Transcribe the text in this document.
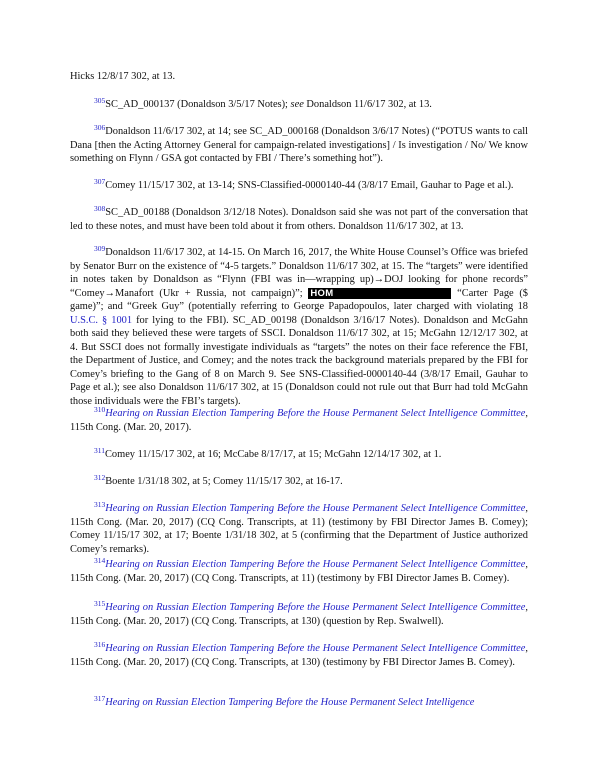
Hicks 12/8/17 302, at 13.
$^{305}$SC_AD_000137 (Donaldson 3/5/17 Notes); see Donaldson 11/6/17 302, at 13.
$^{306}$Donaldson 11/6/17 302, at 14; see SC_AD_000168 (Donaldson 3/6/17 Notes) (“POTUS wants to call Dana [then the Acting Attorney General for campaign-related investigations] / Is investigation / No/ We know something on Flynn / GSA got contacted by FBI / There’s something hot”).
$^{307}$Comey 11/15/17 302, at 13-14; SNS-Classified-0000140-44 (3/8/17 Email, Gauhar to Page et al.).
$^{308}$SC_AD_00188 (Donaldson 3/12/18 Notes). Donaldson said she was not part of the conversation that led to these notes, and must have been told about it from others. Donaldson 11/6/17 302, at 13.
$^{309}$Donaldson 11/6/17 302, at 14-15. On March 16, 2017, the White House Counsel’s Office was briefed by Senator Burr on the existence of “4-5 targets.” Donaldson 11/6/17 302, at 15. The “targets” were identified in notes taken by Donaldson as “Flynn (FBI was in—wrapping up)→DOJ looking for phone records” “Comey→Manafort (Ukr + Russia, not campaign)”; HOM	“Carter Page ($ game)”; and “Greek Guy” (potentially referring to George Papadopoulos, later charged with violating 18 U.S.C. § 1001 for lying to the FBI). SC_AD_00198 (Donaldson 3/16/17 Notes). Donaldson and McGahn both said they believed these were targets of SSCI. Donaldson 11/6/17 302, at 15; McGahn 12/12/17 302, at 4. But SSCI does not formally investigate individuals as “targets” the notes on their face reference the FBI, the Department of Justice, and Comey; and the notes track the background materials prepared by the FBI for Comey’s briefing to the Gang of 8 on March 9. See SNS-Classified-0000140-44 (3/8/17 Email, Gauhar to Page et al.); see also Donaldson 11/6/17 302, at 15 (Donaldson could not rule out that Burr had told McGahn those individuals were the FBI’s targets).
$^{310}$Hearing on Russian Election Tampering Before the House Permanent Select Intelligence Committee, 115th Cong. (Mar. 20, 2017).
$^{311}$Comey 11/15/17 302, at 16; McCabe 8/17/17, at 15; McGahn 12/14/17 302, at 1.
$^{312}$Boente 1/31/18 302, at 5; Comey 11/15/17 302, at 16-17.
$^{313}$Hearing on Russian Election Tampering Before the House Permanent Select Intelligence Committee, 115th Cong. (Mar. 20, 2017) (CQ Cong. Transcripts, at 11) (testimony by FBI Director James B. Comey); Comey 11/15/17 302, at 17; Boente 1/31/18 302, at 5 (confirming that the Department of Justice authorized Comey’s remarks).
$^{314}$Hearing on Russian Election Tampering Before the House Permanent Select Intelligence Committee, 115th Cong. (Mar. 20, 2017) (CQ Cong. Transcripts, at 11) (testimony by FBI Director James B. Comey).
$^{315}$Hearing on Russian Election Tampering Before the House Permanent Select Intelligence Committee, 115th Cong. (Mar. 20, 2017) (CQ Cong. Transcripts, at 130) (question by Rep. Swalwell).
$^{316}$Hearing on Russian Election Tampering Before the House Permanent Select Intelligence Committee, 115th Cong. (Mar. 20, 2017) (CQ Cong. Transcripts, at 130) (testimony by FBI Director James B. Comey).
$^{317}$Hearing on Russian Election Tampering Before the House Permanent Select Intelligence
